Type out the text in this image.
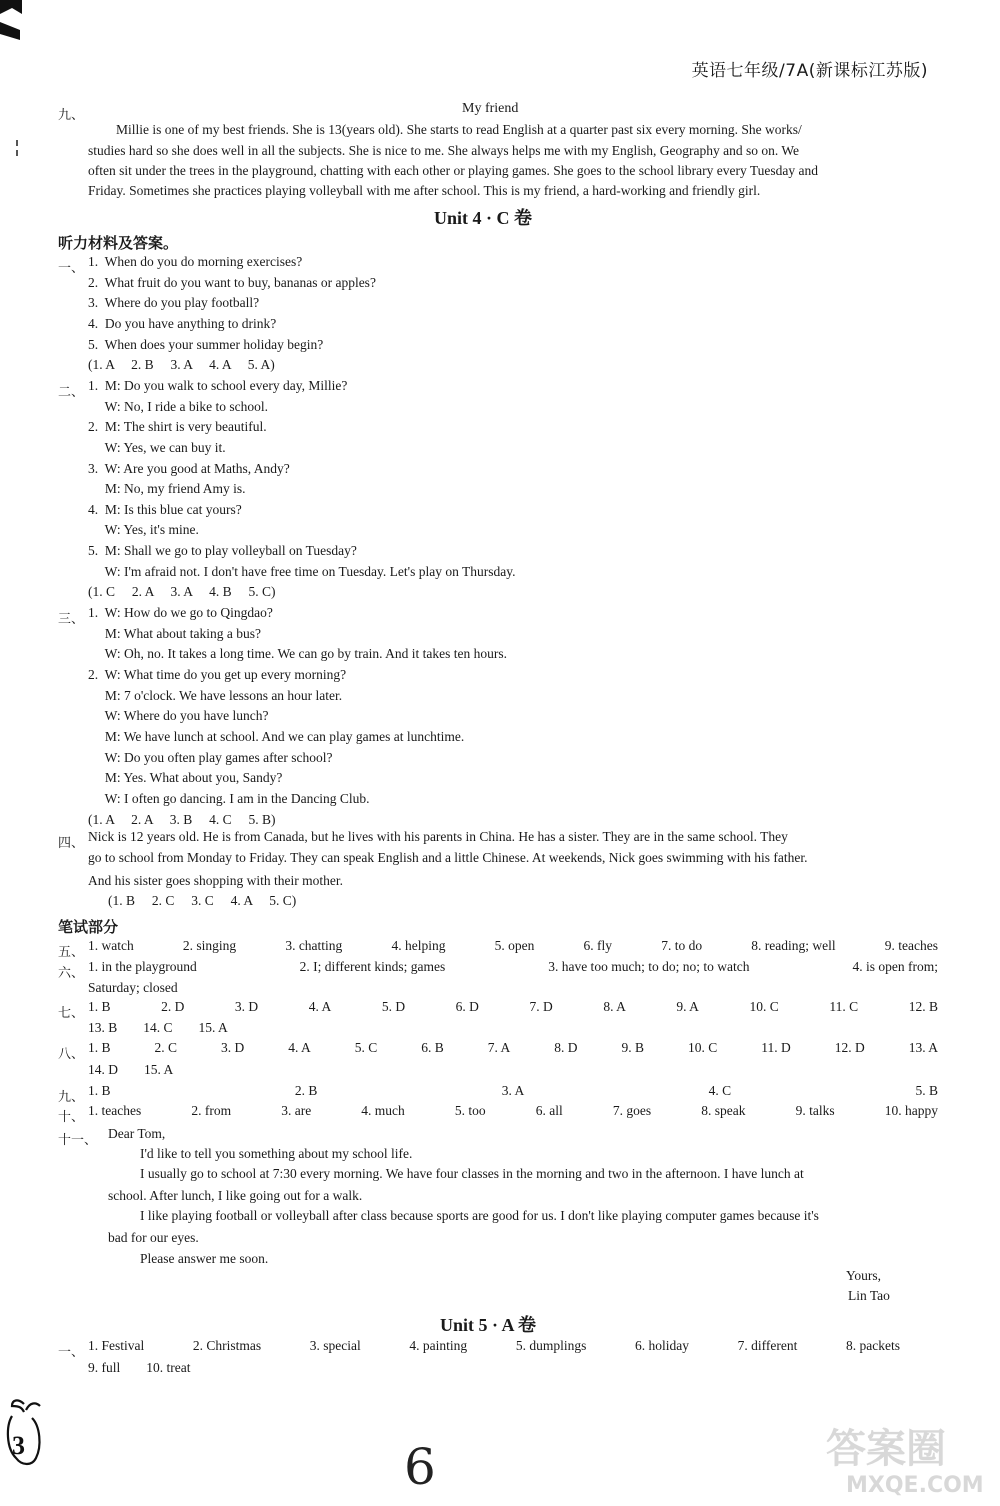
英语七年级/7A(新课标江苏版)
九、	My friend
Millie is one of my best friends. She is 13(years old). She starts to read English at a quarter past six every morning. She works/
studies hard so she does well in all the subjects. She is nice to me. She always helps me with my English, Geography and so on. We
often sit under the trees in the playground, chatting with each other or playing games. She goes to the school library every Tuesday and
Friday. Sometimes she practices playing volleyball with me after school. This is my friend, a hard-working and friendly girl.
Unit 4 · C 卷
听力材料及答案。
一、 1.  When do you do morning exercises?
2.  What fruit do you want to buy, bananas or apples?
3.  Where do you play football?
4.  Do you have anything to drink?
5.  When does your summer holiday begin?
(1. A     2. B     3. A     4. A     5. A)
二、 1.  M: Do you walk to school every day, Millie?
W: No, I ride a bike to school.
2.  M: The shirt is very beautiful.
W: Yes, we can buy it.
3.  W: Are you good at Maths, Andy?
M: No, my friend Amy is.
4.  M: Is this blue cat yours?
W: Yes, it's mine.
5.  M: Shall we go to play volleyball on Tuesday?
W: I'm afraid not. I don't have free time on Tuesday. Let's play on Thursday.
(1. C     2. A     3. A     4. B     5. C)
三、 1.  W: How do we go to Qingdao?
M: What about taking a bus?
W: Oh, no. It takes a long time. We can go by train. And it takes ten hours.
2.  W: What time do you get up every morning?
M: 7 o'clock. We have lessons an hour later.
W: Where do you have lunch?
M: We have lunch at school. And we can play games at lunchtime.
W: Do you often play games after school?
M: Yes. What about you, Sandy?
W: I often go dancing. I am in the Dancing Club.
(1. A     2. A     3. B     4. C     5. B)
四、 Nick is 12 years old. He is from Canada, but he lives with his parents in China. He has a sister. They are in the same school. They
go to school from Monday to Friday. They can speak English and a little Chinese. At weekends, Nick goes swimming with his father.
And his sister goes shopping with their mother.
(1. B     2. C     3. C     4. A     5. C)
笔试部分
五、 1. watch	2. singing	3. chatting	4. helping	5. open	6. fly	7. to do	8. reading; well	9. teaches
六、 1. in the playground	2. I; different kinds; games	3. have too much; to do; no; to watch	4. is open from;
Saturday; closed
七、 1. B	2. D	3. D	4. A	5. D	6. D	7. D	8. A	9. A	10. C	11. C	12. B
13. B 14. C 15. A
八、 1. B	2. C	3. D	4. A	5. C	6. B	7. A	8. D	9. B	10. C	11. D	12. D	13. A
14. D 15. A
九、 1. B	2. B	3. A	4. C	5. B
十、 1. teaches	2. from	3. are	4. much	5. too	6. all	7. goes	8. speak	9. talks	10. happy
十一、 Dear Tom,
I'd like to tell you something about my school life.
I usually go to school at 7:30 every morning. We have four classes in the morning and two in the afternoon. I have lunch at
school. After lunch, I like going out for a walk.
I like playing football or volleyball after class because sports are good for us. I don't like playing computer games because it's
bad for our eyes.
Please answer me soon.
Yours,
Lin Tao
Unit 5 · A 卷
一、 1. Festival	2. Christmas	3. special	4. painting	5. dumplings	6. holiday	7. different	8. packets
9. full 10. treat
3	6	答案圈
MXQE.COM
